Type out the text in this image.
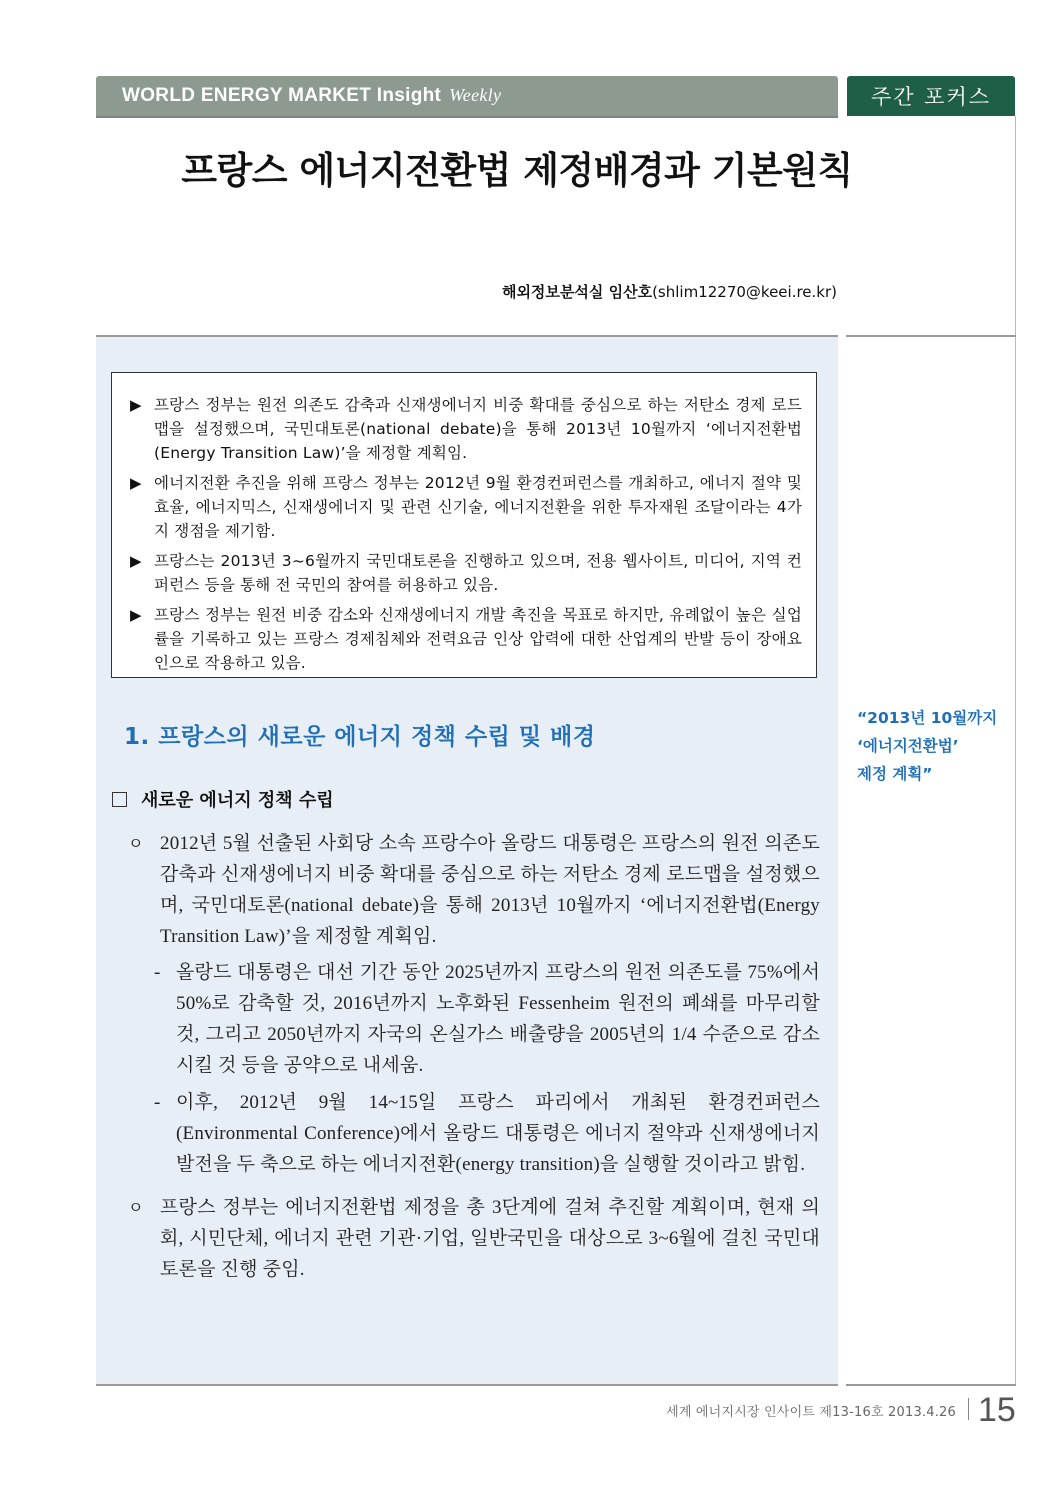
WORLD ENERGY MARKET Insight Weekly	주간 포커스
프랑스 에너지전환법 제정배경과 기본원칙
해외정보분석실 임산호(shlim12270@keei.re.kr)
▶ 프랑스 정부는 원전 의존도 감축과 신재생에너지 비중 확대를 중심으로 하는 저탄소 경제 로드맵을 설정했으며, 국민대토론(national debate)을 통해 2013년 10월까지 ‘에너지전환법(Energy Transition Law)’을 제정할 계획임.
▶ 에너지전환 추진을 위해 프랑스 정부는 2012년 9월 환경컨퍼런스를 개최하고, 에너지 절약 및 효율, 에너지믹스, 신재생에너지 및 관련 신기술, 에너지전환을 위한 투자재원 조달이라는 4가지 쟁점을 제기함.
▶ 프랑스는 2013년 3~6월까지 국민대토론을 진행하고 있으며, 전용 웹사이트, 미디어, 지역 컨퍼런스 등을 통해 전 국민의 참여를 허용하고 있음.
▶ 프랑스 정부는 원전 비중 감소와 신재생에너지 개발 촉진을 목표로 하지만, 유례없이 높은 실업률을 기록하고 있는 프랑스 경제침체와 전력요금 인상 압력에 대한 산업계의 반발 등이 장애요인으로 작용하고 있음.
“2013년 10월까지
‘에너지전환법’
제정 계획”
1. 프랑스의 새로운 에너지 정책 수립 및 배경
새로운 에너지 정책 수립
ㅇ 2012년 5월 선출된 사회당 소속 프랑수아 올랑드 대통령은 프랑스의 원전 의존도 감축과 신재생에너지 비중 확대를 중심으로 하는 저탄소 경제 로드맵을 설정했으며, 국민대토론(national debate)을 통해 2013년 10월까지 ‘에너지전환법(Energy Transition Law)’을 제정할 계획임.
- 올랑드 대통령은 대선 기간 동안 2025년까지 프랑스의 원전 의존도를 75%에서 50%로 감축할 것, 2016년까지 노후화된 Fessenheim 원전의 폐쇄를 마무리할 것, 그리고 2050년까지 자국의 온실가스 배출량을 2005년의 1/4 수준으로 감소시킬 것 등을 공약으로 내세움.
- 이후, 2012년 9월 14~15일 프랑스 파리에서 개최된 환경컨퍼런스(Environmental Conference)에서 올랑드 대통령은 에너지 절약과 신재생에너지 발전을 두 축으로 하는 에너지전환(energy transition)을 실행할 것이라고 밝힘.
ㅇ 프랑스 정부는 에너지전환법 제정을 총 3단계에 걸쳐 추진할 계획이며, 현재 의회, 시민단체, 에너지 관련 기관·기업, 일반국민을 대상으로 3~6월에 걸친 국민대토론을 진행 중임.
세계 에너지시장 인사이트 제13-16호 2013.4.26 15
